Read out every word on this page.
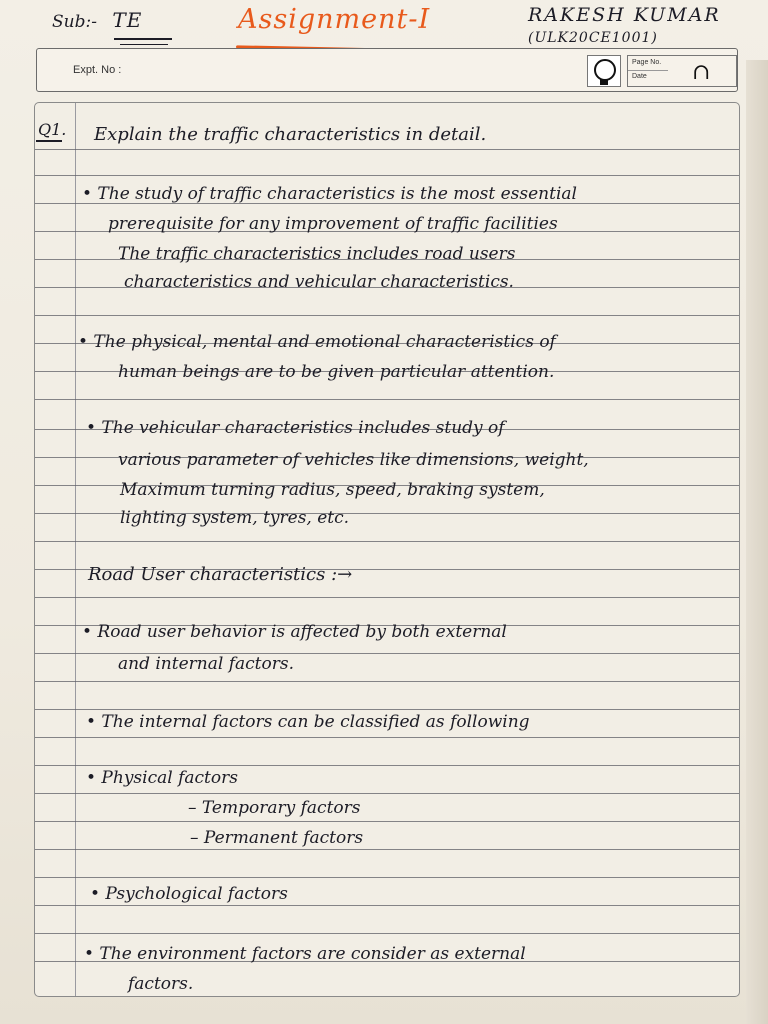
Sub:- TE	Assignment-I	RAKESH KUMAR
(ULK20CE1001)
Expt. No :
Page No.
Date ∩
Q1. Explain the traffic characteristics in detail.
• The study of traffic characteristics is the most essential
prerequisite for any improvement of traffic facilities
The traffic characteristics includes road users
characteristics and vehicular characteristics.
• The physical, mental and emotional characteristics of
human beings are to be given particular attention.
• The vehicular characteristics includes study of
various parameter of vehicles like dimensions, weight,
Maximum turning radius, speed, braking system,
lighting system, tyres, etc.
Road User characteristics :→
• Road user behavior is affected by both external
and internal factors.
• The internal factors can be classified as following
• Physical factors
– Temporary factors
– Permanent factors
• Psychological factors
• The environment factors are consider as external
factors.
